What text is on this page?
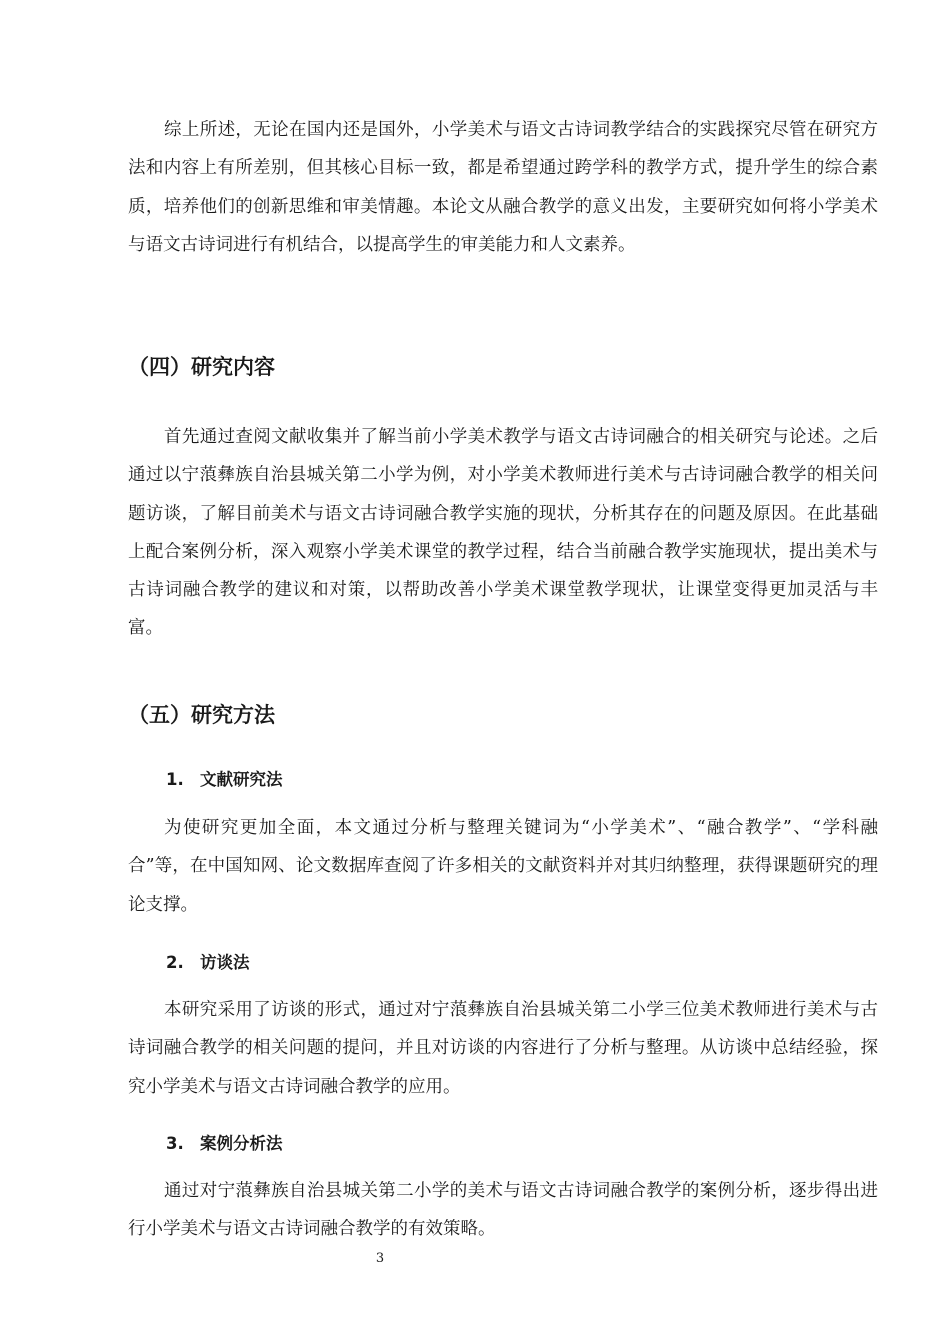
综上所述，无论在国内还是国外，小学美术与语文古诗词教学结合的实践探究尽管在研究方法和内容上有所差别，但其核心目标一致，都是希望通过跨学科的教学方式，提升学生的综合素质，培养他们的创新思维和审美情趣。本论文从融合教学的意义出发，主要研究如何将小学美术与语文古诗词进行有机结合，以提高学生的审美能力和人文素养。

（四）研究内容

首先通过查阅文献收集并了解当前小学美术教学与语文古诗词融合的相关研究与论述。之后通过以宁蒗彝族自治县城关第二小学为例，对小学美术教师进行美术与古诗词融合教学的相关问题访谈，了解目前美术与语文古诗词融合教学实施的现状，分析其存在的问题及原因。在此基础上配合案例分析，深入观察小学美术课堂的教学过程，结合当前融合教学实施现状，提出美术与古诗词融合教学的建议和对策，以帮助改善小学美术课堂教学现状，让课堂变得更加灵活与丰富。

（五）研究方法
1. 文献研究法

为使研究更加全面，本文通过分析与整理关键词为“小学美术”、“融合教学”、“学科融合”等，在中国知网、论文数据库查阅了许多相关的文献资料并对其归纳整理，获得课题研究的理论支撑。

2. 访谈法

本研究采用了访谈的形式，通过对宁蒗彝族自治县城关第二小学三位美术教师进行美术与古诗词融合教学的相关问题的提问，并且对访谈的内容进行了分析与整理。从访谈中总结经验，探究小学美术与语文古诗词融合教学的应用。

3. 案例分析法

通过对宁蒗彝族自治县城关第二小学的美术与语文古诗词融合教学的案例分析，逐步得出进行小学美术与语文古诗词融合教学的有效策略。

3
